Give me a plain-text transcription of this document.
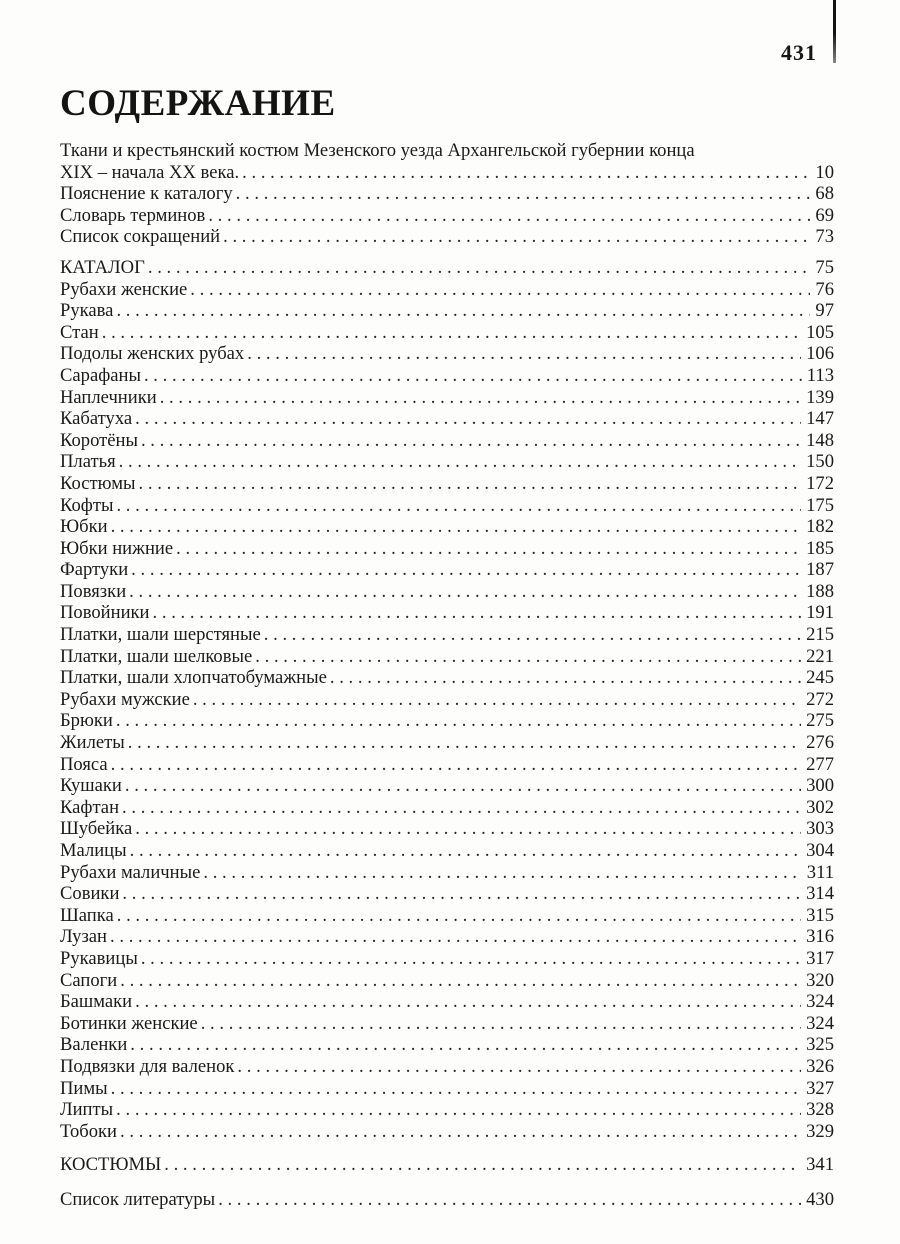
431
СОДЕРЖАНИЕ
Ткани и крестьянский костюм Мезенского уезда Архангельской губернии конца
XIX – начала XX века. .....	10
Пояснение к каталогу .....	68
Словарь терминов .....	69
Список сокращений .....	73
КАТАЛОГ .....	75
Рубахи женские .....	76
Рукава .....	97
Стан .....	105
Подолы женских рубах .....	106
Сарафаны .....	113
Наплечники .....	139
Кабатуха .....	147
Коротёны .....	148
Платья .....	150
Костюмы .....	172
Кофты .....	175
Юбки .....	182
Юбки нижние .....	185
Фартуки .....	187
Повязки .....	188
Повойники .....	191
Платки, шали шерстяные .....	215
Платки, шали шелковые .....	221
Платки, шали хлопчатобумажные .....	245
Рубахи мужские .....	272
Брюки .....	275
Жилеты .....	276
Пояса .....	277
Кушаки .....	300
Кафтан .....	302
Шубейка .....	303
Малицы .....	304
Рубахи маличные .....	311
Совики .....	314
Шапка .....	315
Лузан .....	316
Рукавицы .....	317
Сапоги .....	320
Башмаки .....	324
Ботинки женские .....	324
Валенки .....	325
Подвязки для валенок .....	326
Пимы .....	327
Липты .....	328
Тобоки .....	329
КОСТЮМЫ .....	341
Список литературы .....	430
